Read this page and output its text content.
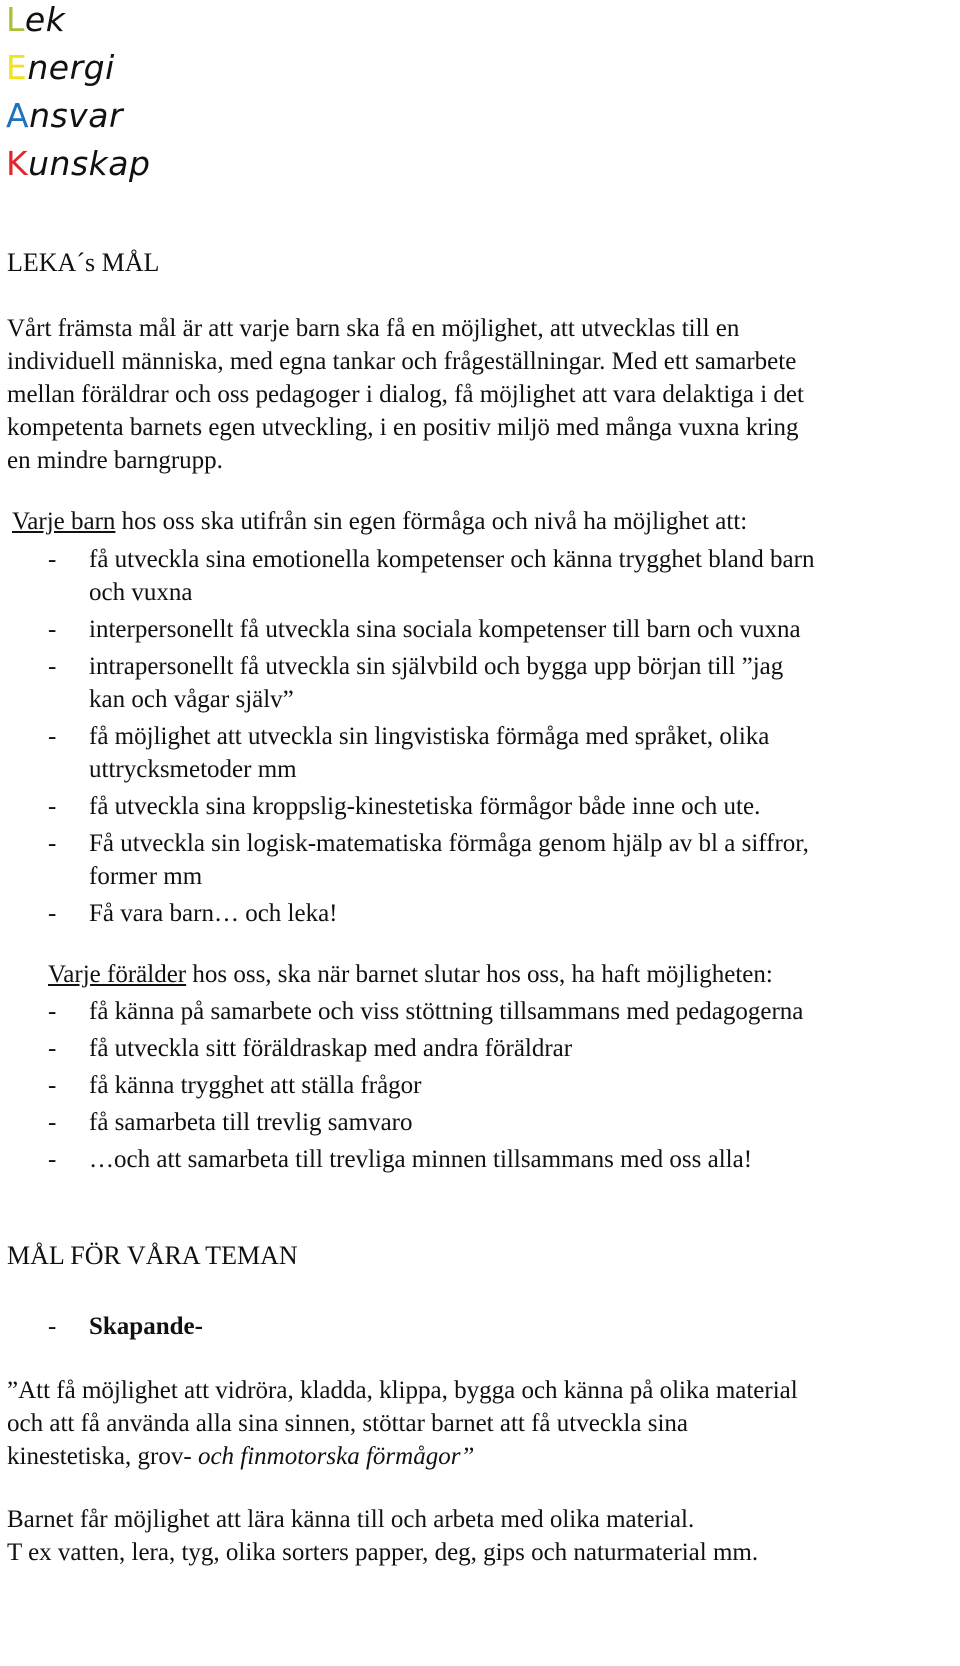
Lek
Energi
Ansvar
Kunskap
LEKA´s MÅL
Vårt främsta mål är att varje barn ska få en möjlighet, att utvecklas till en
individuell människa, med egna tankar och frågeställningar. Med ett samarbete
mellan föräldrar och oss pedagoger i dialog, få möjlighet att vara delaktiga i det
kompetenta barnets egen utveckling, i en positiv miljö med många vuxna kring
en mindre barngrupp.
Varje barn hos oss ska utifrån sin egen förmåga och nivå ha möjlighet att:
- få utveckla sina emotionella kompetenser och känna trygghet bland barn
och vuxna
- interpersonellt få utveckla sina sociala kompetenser till barn och vuxna
- intrapersonellt få utveckla sin självbild och bygga upp början till ”jag
kan och vågar själv”
- få möjlighet att utveckla sin lingvistiska förmåga med språket, olika
uttrycksmetoder mm
- få utveckla sina kroppslig-kinestetiska förmågor både inne och ute.
- Få utveckla sin logisk-matematiska förmåga genom hjälp av bl a siffror,
former mm
- Få vara barn… och leka!
Varje förälder hos oss, ska när barnet slutar hos oss, ha haft möjligheten:
- få känna på samarbete och viss stöttning tillsammans med pedagogerna
- få utveckla sitt föräldraskap med andra föräldrar
- få känna trygghet att ställa frågor
- få samarbeta till trevlig samvaro
- …och att samarbeta till trevliga minnen tillsammans med oss alla!
MÅL FÖR VÅRA TEMAN
- Skapande-
”Att få möjlighet att vidröra, kladda, klippa, bygga och känna på olika material
och att få använda alla sina sinnen, stöttar barnet att få utveckla sina
kinestetiska, grov- och finmotorska förmågor”
Barnet får möjlighet att lära känna till och arbeta med olika material.
T ex vatten, lera, tyg, olika sorters papper, deg, gips och naturmaterial mm.
